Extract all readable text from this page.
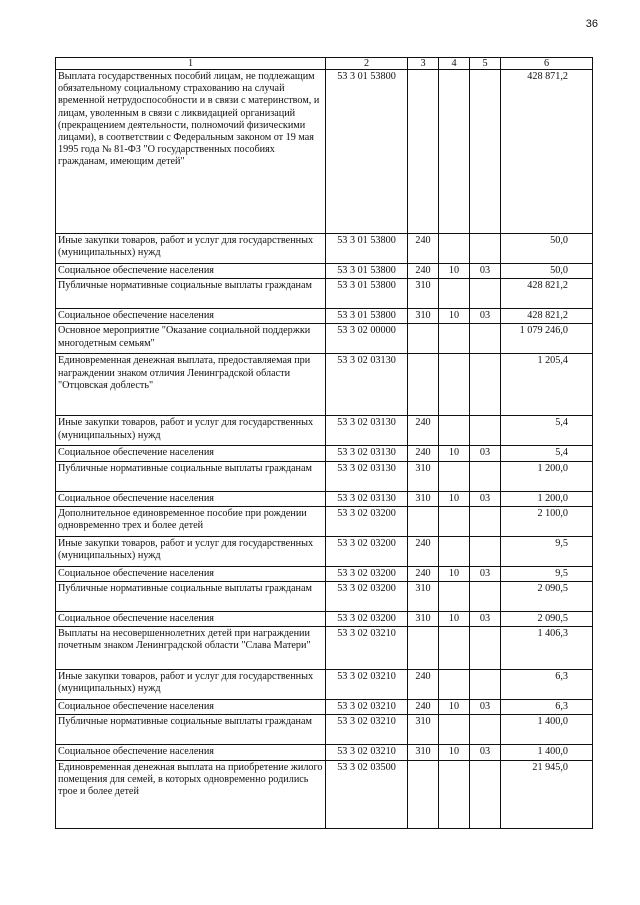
36
1	2	3	4	5	6
Выплата государственных пособий лицам, не подлежащим обязательному социальному страхованию на случай временной нетрудоспособности и в связи с материнством, и лицам, уволенным в связи с ликвидацией организаций (прекращением деятельности, полномочий физическими лицами), в соответствии с Федеральным законом от 19 мая 1995 года № 81-ФЗ "О государственных пособиях гражданам, имеющим детей"	53 3 01 53800				428 871,2
Иные закупки товаров, работ и услуг для государственных (муниципальных) нужд	53 3 01 53800	240			50,0
Социальное обеспечение населения	53 3 01 53800	240	10	03	50,0
Публичные нормативные социальные выплаты гражданам	53 3 01 53800	310			428 821,2
Социальное обеспечение населения	53 3 01 53800	310	10	03	428 821,2
Основное мероприятие "Оказание социальной поддержки многодетным семьям"	53 3 02 00000				1 079 246,0
Единовременная денежная выплата, предоставляемая при награждении знаком отличия Ленинградской области "Отцовская доблесть"	53 3 02 03130				1 205,4
Иные закупки товаров, работ и услуг для государственных (муниципальных) нужд	53 3 02 03130	240			5,4
Социальное обеспечение населения	53 3 02 03130	240	10	03	5,4
Публичные нормативные социальные выплаты гражданам	53 3 02 03130	310			1 200,0
Социальное обеспечение населения	53 3 02 03130	310	10	03	1 200,0
Дополнительное единовременное пособие при рождении одновременно трех и более детей	53 3 02 03200				2 100,0
Иные закупки товаров, работ и услуг для государственных (муниципальных) нужд	53 3 02 03200	240			9,5
Социальное обеспечение населения	53 3 02 03200	240	10	03	9,5
Публичные нормативные социальные выплаты гражданам	53 3 02 03200	310			2 090,5
Социальное обеспечение населения	53 3 02 03200	310	10	03	2 090,5
Выплаты на несовершеннолетних детей при награждении почетным знаком Ленинградской области "Слава Матери"	53 3 02 03210				1 406,3
Иные закупки товаров, работ и услуг для государственных (муниципальных) нужд	53 3 02 03210	240			6,3
Социальное обеспечение населения	53 3 02 03210	240	10	03	6,3
Публичные нормативные социальные выплаты гражданам	53 3 02 03210	310			1 400,0
Социальное обеспечение населения	53 3 02 03210	310	10	03	1 400,0
Единовременная денежная выплата на приобретение жилого помещения для семей, в которых одновременно родились трое и более детей	53 3 02 03500				21 945,0
